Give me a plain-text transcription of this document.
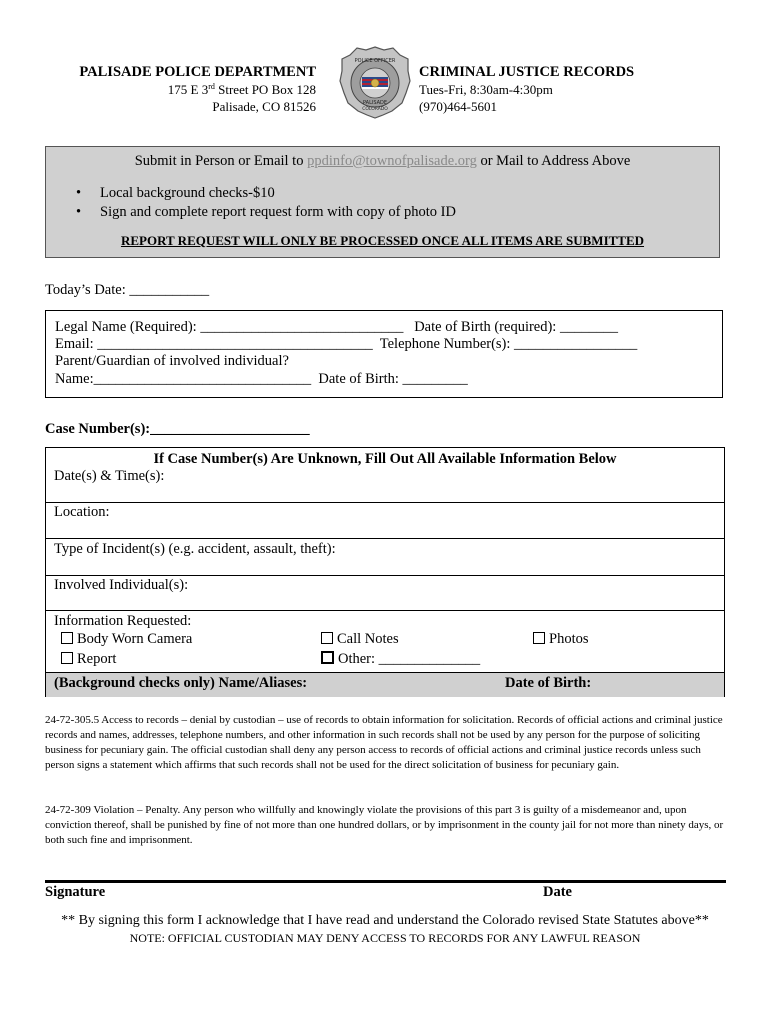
PALISADE POLICE DEPARTMENT
175 E 3rd Street PO Box 128
Palisade, CO 81526
POLICE OFFICER
PALISADE
COLORADO
CRIMINAL JUSTICE RECORDS
Tues-Fri, 8:30am-4:30pm
(970)464-5601
Submit in Person or Email to ppdinfo@townofpalisade.org or Mail to Address Above
• Local background checks-$10
• Sign and complete report request form with copy of photo ID
REPORT REQUEST WILL ONLY BE PROCESSED ONCE ALL ITEMS ARE SUBMITTED
Today’s Date: ___________
Legal Name (Required): ____________________________   Date of Birth (required): ________
Email: ______________________________________  Telephone Number(s): _________________
Parent/Guardian of involved individual?
Name:______________________________  Date of Birth: _________
Case Number(s):______________________
If Case Number(s) Are Unknown, Fill Out All Available Information Below
Date(s) & Time(s):
Location:
Type of Incident(s) (e.g. accident, assault, theft):
Involved Individual(s):
Information Requested:
Body Worn Camera	Call Notes	Photos
Report	Other: ______________
(Background checks only) Name/Aliases:	Date of Birth:
24-72-305.5 Access to records – denial by custodian – use of records to obtain information for solicitation. Records of official actions and criminal justice records and names, addresses, telephone numbers, and other information in such records shall not be used by any person for the purpose of soliciting business for pecuniary gain. The official custodian shall deny any person access to records of official actions and criminal justice records unless such person signs a statement which affirms that such records shall not be used for the direct solicitation of business for pecuniary gain.
24-72-309 Violation – Penalty. Any person who willfully and knowingly violate the provisions of this part 3 is guilty of a misdemeanor and, upon conviction thereof, shall be punished by fine of not more than one hundred dollars, or by imprisonment in the county jail for not more than ninety days, or both such fine and imprisonment.
Signature	Date
** By signing this form I acknowledge that I have read and understand the Colorado revised State Statutes above**
NOTE: OFFICIAL CUSTODIAN MAY DENY ACCESS TO RECORDS FOR ANY LAWFUL REASON
